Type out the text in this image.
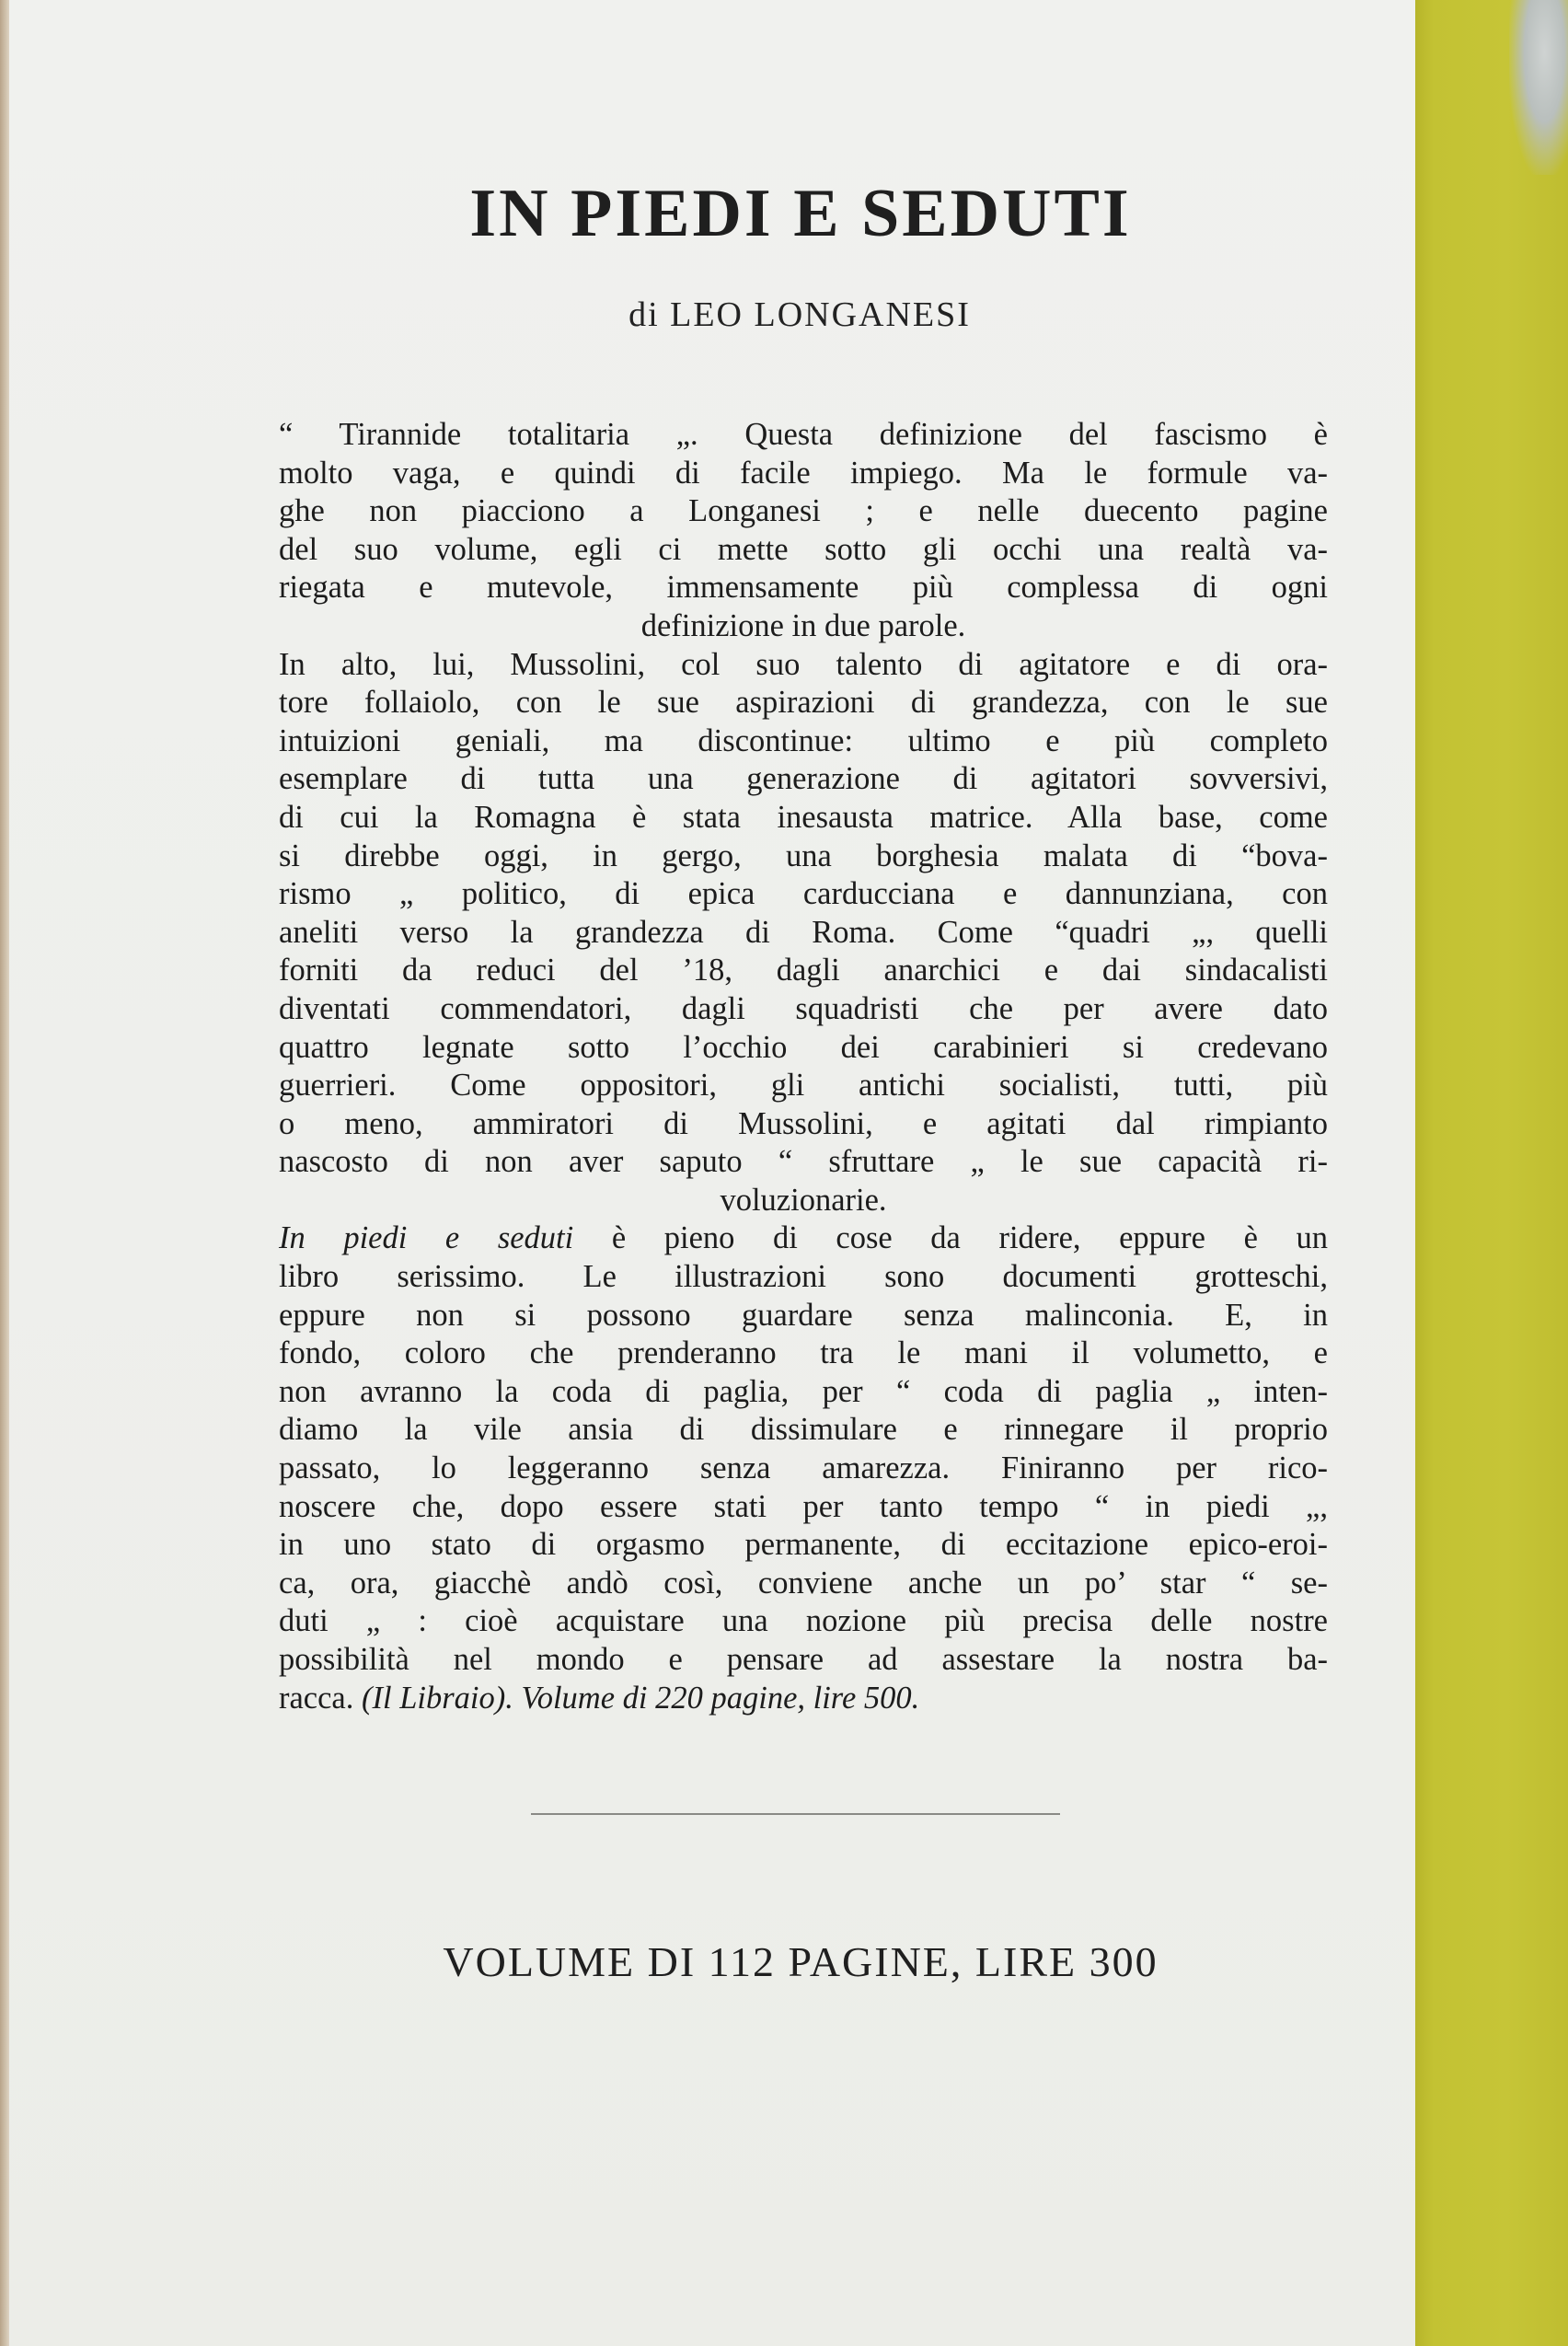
IN PIEDI E SEDUTI
di LEO LONGANESI
“ Tirannide totalitaria „. Questa definizione del fascismo è
molto vaga, e quindi di facile impiego. Ma le formule va-
ghe non piacciono a Longanesi ; e nelle duecento pagine
del suo volume, egli ci mette sotto gli occhi una realtà va-
riegata e mutevole, immensamente più complessa di ogni
definizione in due parole.
In alto, lui, Mussolini, col suo talento di agitatore e di ora-
tore follaiolo, con le sue aspirazioni di grandezza, con le sue
intuizioni geniali, ma discontinue: ultimo e più completo
esemplare di tutta una generazione di agitatori sovversivi,
di cui la Romagna è stata inesausta matrice. Alla base, come
si direbbe oggi, in gergo, una borghesia malata di “bova-
rismo „ politico, di epica carducciana e dannunziana, con
aneliti verso la grandezza di Roma. Come “quadri „, quelli
forniti da reduci del ’18, dagli anarchici e dai sindacalisti
diventati commendatori, dagli squadristi che per avere dato
quattro legnate sotto l’occhio dei carabinieri si credevano
guerrieri. Come oppositori, gli antichi socialisti, tutti, più
o meno, ammiratori di Mussolini, e agitati dal rimpianto
nascosto di non aver saputo “ sfruttare „ le sue capacità ri-
voluzionarie.
In piedi e seduti è pieno di cose da ridere, eppure è un
libro serissimo. Le illustrazioni sono documenti grotteschi,
eppure non si possono guardare senza malinconia. E, in
fondo, coloro che prenderanno tra le mani il volumetto, e
non avranno la coda di paglia, per “ coda di paglia „ inten-
diamo la vile ansia di dissimulare e rinnegare il proprio
passato, lo leggeranno senza amarezza. Finiranno per rico-
noscere che, dopo essere stati per tanto tempo “ in piedi „,
in uno stato di orgasmo permanente, di eccitazione epico-eroi-
ca, ora, giacchè andò così, conviene anche un po’ star “ se-
duti „ : cioè acquistare una nozione più precisa delle nostre
possibilità nel mondo e pensare ad assestare la nostra ba-
racca. (Il Libraio). Volume di 220 pagine, lire 500.
VOLUME DI 112 PAGINE, LIRE 300
